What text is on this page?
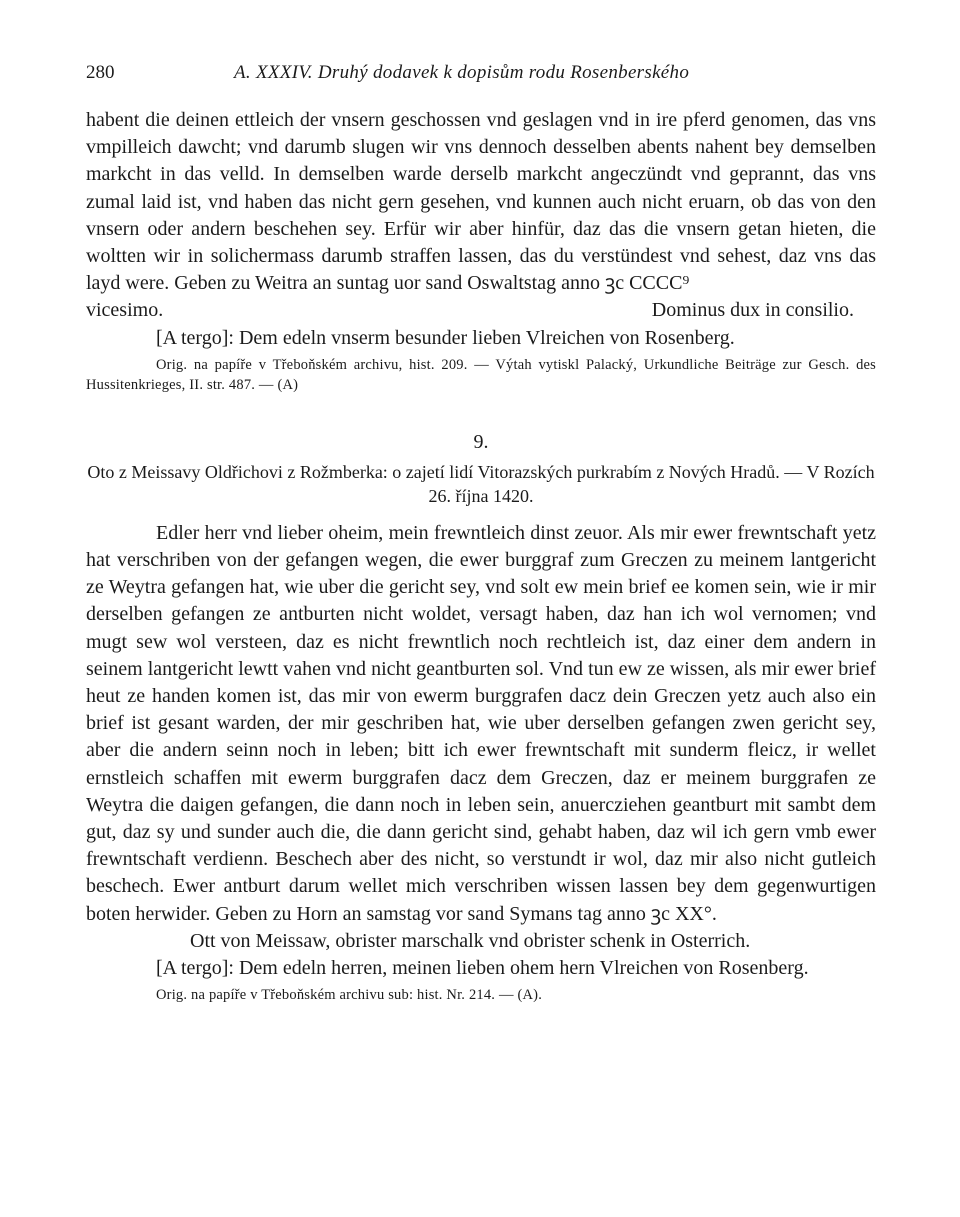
280	A. XXXIV. Druhý dodavek k dopisům rodu Rosenberského

habent die deinen ettleich der vnsern geschossen vnd geslagen vnd in ire pferd genomen, das vns vmpilleich dawcht; vnd darumb slugen wir vns dennoch desselben abents nahent bey demselben markcht in das velld. In demselben warde derselb markcht angeczündt vnd geprannt, das vns zumal laid ist, vnd haben das nicht gern gesehen, vnd kunnen auch nicht eruarn, ob das von den vnsern oder andern beschehen sey. Erfür wir aber hinfür, daz das die vnsern getan hieten, die woltten wir in solichermass darumb straffen lassen, das du verstündest vnd sehest, daz vns das layd were. Geben zu Weitra an suntag uor sand Oswaltstag anno ꝫc CCCC⁹

vicesimo.	Dominus dux in consilio.

[A tergo]: Dem edeln vnserm besunder lieben Vlreichen von Rosenberg.

Orig. na papíře v Třeboňském archivu, hist. 209. — Výtah vytiskl Palacký, Urkundliche Beiträge zur Gesch. des Hussitenkrieges, II. str. 487. — (A)

9.
Oto z Meissavy Oldřichovi z Rožmberka: o zajetí lidí Vitorazských purkrabím z Nových Hradů. — V Rozích 26. října 1420.

Edler herr vnd lieber oheim, mein frewntleich dinst zeuor. Als mir ewer frewntschaft yetz hat verschriben von der gefangen wegen, die ewer burggraf zum Greczen zu meinem lantgericht ze Weytra gefangen hat, wie uber die gericht sey, vnd solt ew mein brief ee komen sein, wie ir mir derselben gefangen ze antburten nicht woldet, versagt haben, daz han ich wol vernomen; vnd mugt sew wol versteen, daz es nicht frewntlich noch rechtleich ist, daz einer dem andern in seinem lantgericht lewtt vahen vnd nicht geantburten sol. Vnd tun ew ze wissen, als mir ewer brief heut ze handen komen ist, das mir von ewerm burggrafen dacz dein Greczen yetz auch also ein brief ist gesant warden, der mir geschriben hat, wie uber derselben gefangen zwen gericht sey, aber die andern seinn noch in leben; bitt ich ewer frewntschaft mit sunderm fleicz, ir wellet ernstleich schaffen mit ewerm burggrafen dacz dem Greczen, daz er meinem burggrafen ze Weytra die daigen gefangen, die dann noch in leben sein, anuercziehen geantburt mit sambt dem gut, daz sy und sunder auch die, die dann gericht sind, gehabt haben, daz wil ich gern vmb ewer frewntschaft verdienn. Beschech aber des nicht, so verstundt ir wol, daz mir also nicht gutleich beschech. Ewer antburt darum wellet mich verschriben wissen lassen bey dem gegenwurtigen boten herwider. Geben zu Horn an samstag vor sand Symans tag anno ꝫc XX°.

Ott von Meissaw, obrister marschalk vnd obrister schenk in Osterrich.

[A tergo]: Dem edeln herren, meinen lieben ohem hern Vlreichen von Rosenberg.

Orig. na papíře v Třeboňském archivu sub: hist. Nr. 214. — (A).
